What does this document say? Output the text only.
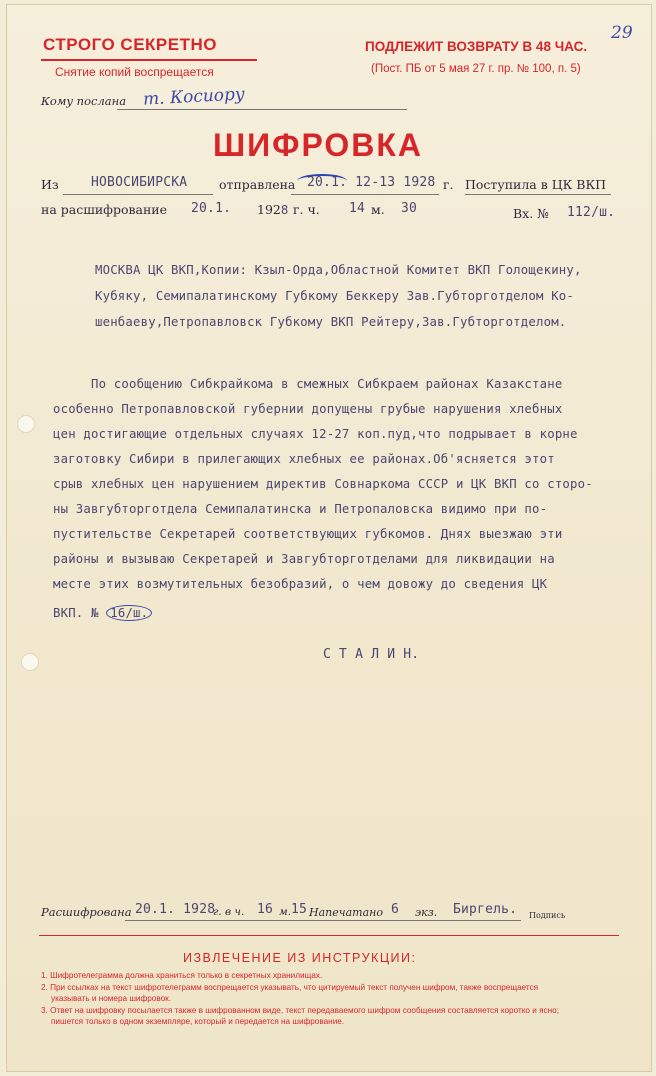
29
СТРОГО СЕКРЕТНО
Снятие копий воспрещается
ПОДЛЕЖИТ ВОЗВРАТУ В 48 ЧАС.
(Пост. ПБ от 5 мая 27 г. пр. № 100, п. 5)
Кому послана т. Косиору
ШИФРОВКА
Из НОВОСИБИРСКА	отправлена 20.1. 12-13 1928 г. Поступила в ЦК ВКП
на расшифрование 20.1. 1928 г. ч. 14 м. 30	Вх. № 112/ш.
МОСКВА ЦК ВКП,Копии: Кзыл-Орда,Областной Комитет ВКП Голощекину,
Кубяку, Семипалатинскому Губкому Беккеру Зав.Губторготделом Ко-
шенбаеву,Петропавловск Губкому ВКП Рейтеру,Зав.Губторготделом.
По сообщению Сибкрайкома в смежных Сибкраем районах Казакстане
особенно Петропавловской губернии допущены грубые нарушения хлебных
цен достигающие отдельных случаях 12-27 коп.пуд,что подрывает в корне
заготовку Сибири в прилегающих хлебных ее районах.Об'ясняется этот
срыв хлебных цен нарушением директив Совнаркома СССР и ЦК ВКП со сторо-
ны Завгубторготдела Семипалатинска и Петропаловска видимо при по-
пустительстве Секретарей соответствующих губкомов. Днях выезжаю эти
районы и вызываю Секретарей и Завгубторготделами для ликвидации на
месте этих возмутительных безобразий, о чем довожу до сведения ЦК
ВКП. № 16/ш.
С Т А Л И Н.
Расшифрована 20.1. 1928
г. в ч. 16 м. 15 Напечатано 6 экз. Биргель. Подпись
ИЗВЛЕЧЕНИЕ ИЗ ИНСТРУКЦИИ:
1. Шифротелеграмма должна храниться только в секретных хранилищах.
2. При ссылках на текст шифротелеграмм воспрещается указывать, что цитируемый текст получен шифром, также воспрещается
указывать и номера шифровок.
3. Ответ на шифровку посылается также в шифрованном виде, текст передаваемого шифром сообщения составляется коротко и ясно;
пишется только в одном экземпляре, который и передается на шифрование.
